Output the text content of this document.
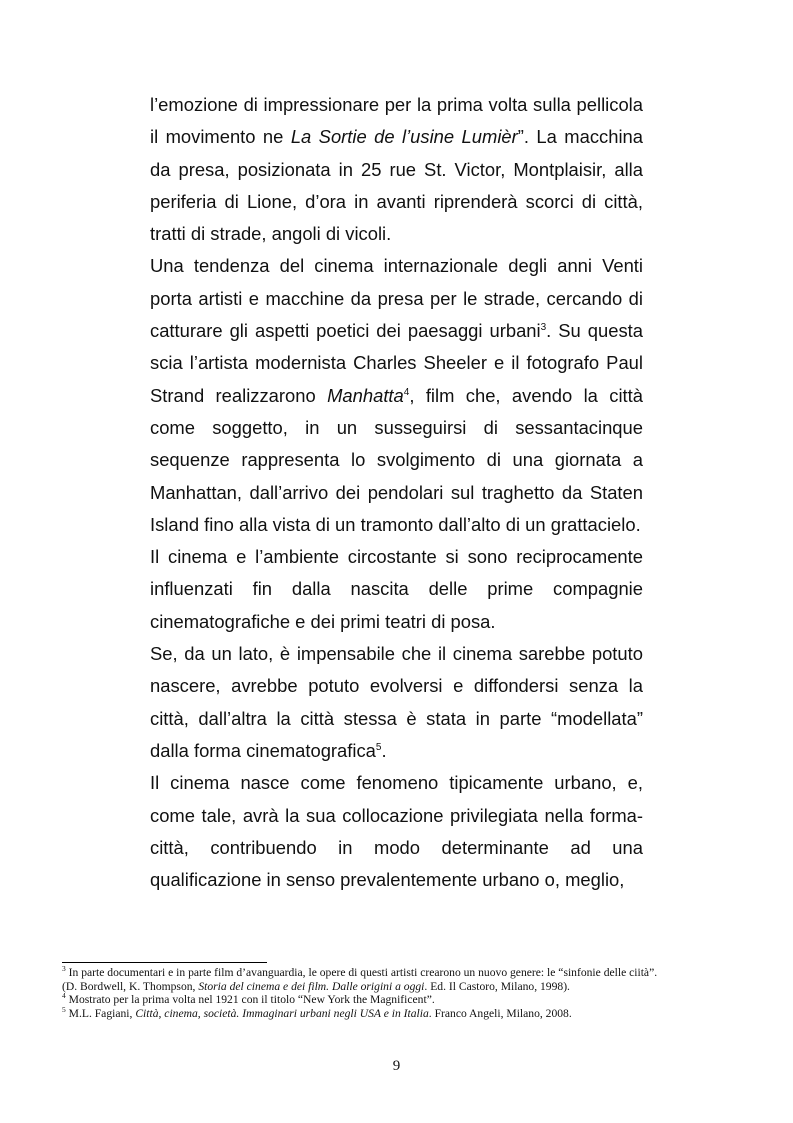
l’emozione di impressionare per la prima volta sulla pellicola il movimento ne La Sortie de l’usine Lumièr”. La macchina da presa, posizionata in 25 rue St. Victor, Montplaisir, alla periferia di Lione, d’ora in avanti riprenderà scorci di città, tratti di strade, angoli di vicoli.

Una tendenza del cinema internazionale degli anni Venti porta artisti e macchine da presa per le strade, cercando di catturare gli aspetti poetici dei paesaggi urbani$^3$. Su questa scia l’artista modernista Charles Sheeler e il fotografo Paul Strand realizzarono Manhatta$^4$, film che, avendo la città come soggetto, in un susseguirsi di sessantacinque sequenze rappresenta lo svolgimento di una giornata a Manhattan, dall’arrivo dei pendolari sul traghetto da Staten Island fino alla vista di un tramonto dall’alto di un grattacielo.

Il cinema e l’ambiente circostante si sono reciprocamente influenzati fin dalla nascita delle prime compagnie cinematografiche e dei primi teatri di posa.

Se, da un lato, è impensabile che il cinema sarebbe potuto nascere, avrebbe potuto evolversi e diffondersi senza la città, dall’altra la città stessa è stata in parte “modellata” dalla forma cinematografica$^5$.

Il cinema nasce come fenomeno tipicamente urbano, e, come tale, avrà la sua collocazione privilegiata nella forma-città, contribuendo in modo determinante ad una qualificazione in senso prevalentemente urbano o, meglio,

$^3$ In parte documentari e in parte film d’avanguardia, le opere di questi artisti crearono un nuovo genere: le “sinfonie delle ciità”. (D. Bordwell, K. Thompson, Storia del cinema e dei film. Dalle origini a oggi. Ed. Il Castoro, Milano, 1998).

$^4$ Mostrato per la prima volta nel 1921 con il titolo “New York the Magnificent”.

$^5$ M.L. Fagiani, Città, cinema, società. Immaginari urbani negli USA e in Italia. Franco Angeli, Milano, 2008.

9
